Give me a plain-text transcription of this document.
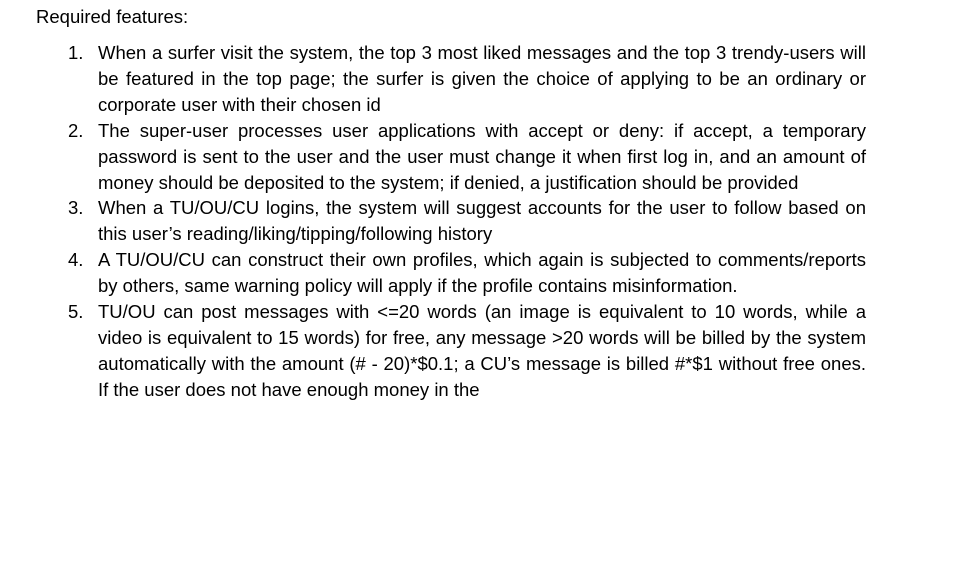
Required features:
1. When a surfer visit the system, the top 3 most liked messages and the top 3 trendy-users will be featured in the top page; the surfer is given the choice of applying to be an ordinary or corporate user with their chosen id
2. The super-user processes user applications with accept or deny: if accept, a temporary password is sent to the user and the user must change it when first log in, and an amount of money should be deposited to the system; if denied, a justification should be provided
3. When a TU/OU/CU logins, the system will suggest accounts for the user to follow based on this user’s reading/liking/tipping/following history
4. A TU/OU/CU can construct their own profiles, which again is subjected to comments/reports by others, same warning policy will apply if the profile contains misinformation.
5. TU/OU can post messages with <=20 words (an image is equivalent to 10 words, while a video is equivalent to 15 words) for free, any message >20 words will be billed by the system automatically with the amount (# - 20)*$0.1; a CU’s message is billed #*$1 without free ones. If the user does not have enough money in the
